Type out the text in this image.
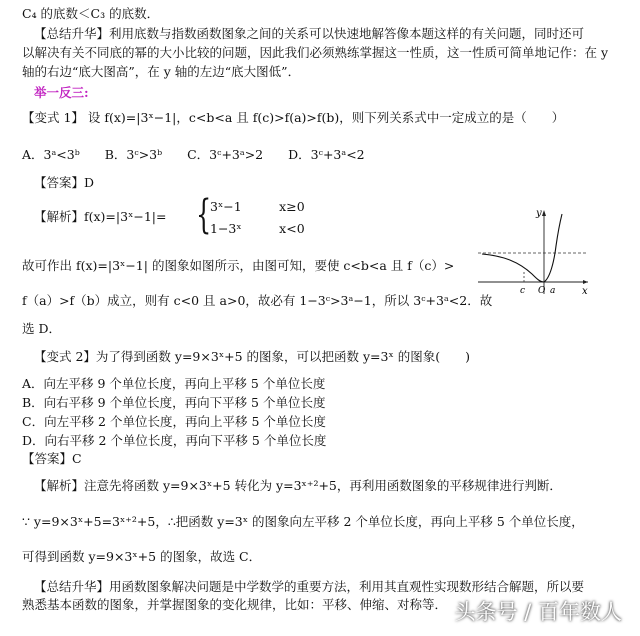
C₄ 的底数＜C₃ 的底数．
【总结升华】利用底数与指数函数图象之间的关系可以快速地解答像本题这样的有关问题，同时还可
以解决有关不同底的幂的大小比较的问题，因此我们必须熟练掌握这一性质，这一性质可简单地记作：在 y
轴的右边“底大图高”，在 y 轴的左边“底大图低”．
举一反三:
【变式 1】 设 f(x)=|3ˣ−1|，c<b<a 且 f(c)>f(a)>f(b)，则下列关系式中一定成立的是（　　）
A．3ᵃ<3ᵇ　　B．3ᶜ>3ᵇ　　C．3ᶜ+3ᵃ>2　　D．3ᶜ+3ᵃ<2
【答案】D
【解析】f(x)=|3ˣ−1|= {
3ˣ−1　　　x≥0
1−3ˣ　　　x<0
故可作出 f(x)=|3ˣ−1| 的图象如图所示，由图可知，要使 c<b<a 且 f（c）>
f（a）>f（b）成立，则有 c<0 且 a>0，故必有 1−3ᶜ>3ᵃ−1，所以 3ᶜ+3ᵃ<2．故
选 D．
y
x
c O a
【变式 2】为了得到函数 y=9×3ˣ+5 的图象，可以把函数 y=3ˣ 的图象(　　)
A．向左平移 9 个单位长度，再向上平移 5 个单位长度
B．向右平移 9 个单位长度，再向下平移 5 个单位长度
C．向左平移 2 个单位长度，再向上平移 5 个单位长度
D．向右平移 2 个单位长度，再向下平移 5 个单位长度
【答案】C
【解析】注意先将函数 y=9×3ˣ+5 转化为 y=3ˣ⁺²+5，再利用函数图象的平移规律进行判断．
∵ y=9×3ˣ+5=3ˣ⁺²+5，∴把函数 y=3ˣ 的图象向左平移 2 个单位长度，再向上平移 5 个单位长度，
可得到函数 y=9×3ˣ+5 的图象，故选 C．
【总结升华】用函数图象解决问题是中学数学的重要方法，利用其直观性实现数形结合解题，所以要
熟悉基本函数的图象，并掌握图象的变化规律，比如：平移、伸缩、对称等． 头条号 / 百年数人
